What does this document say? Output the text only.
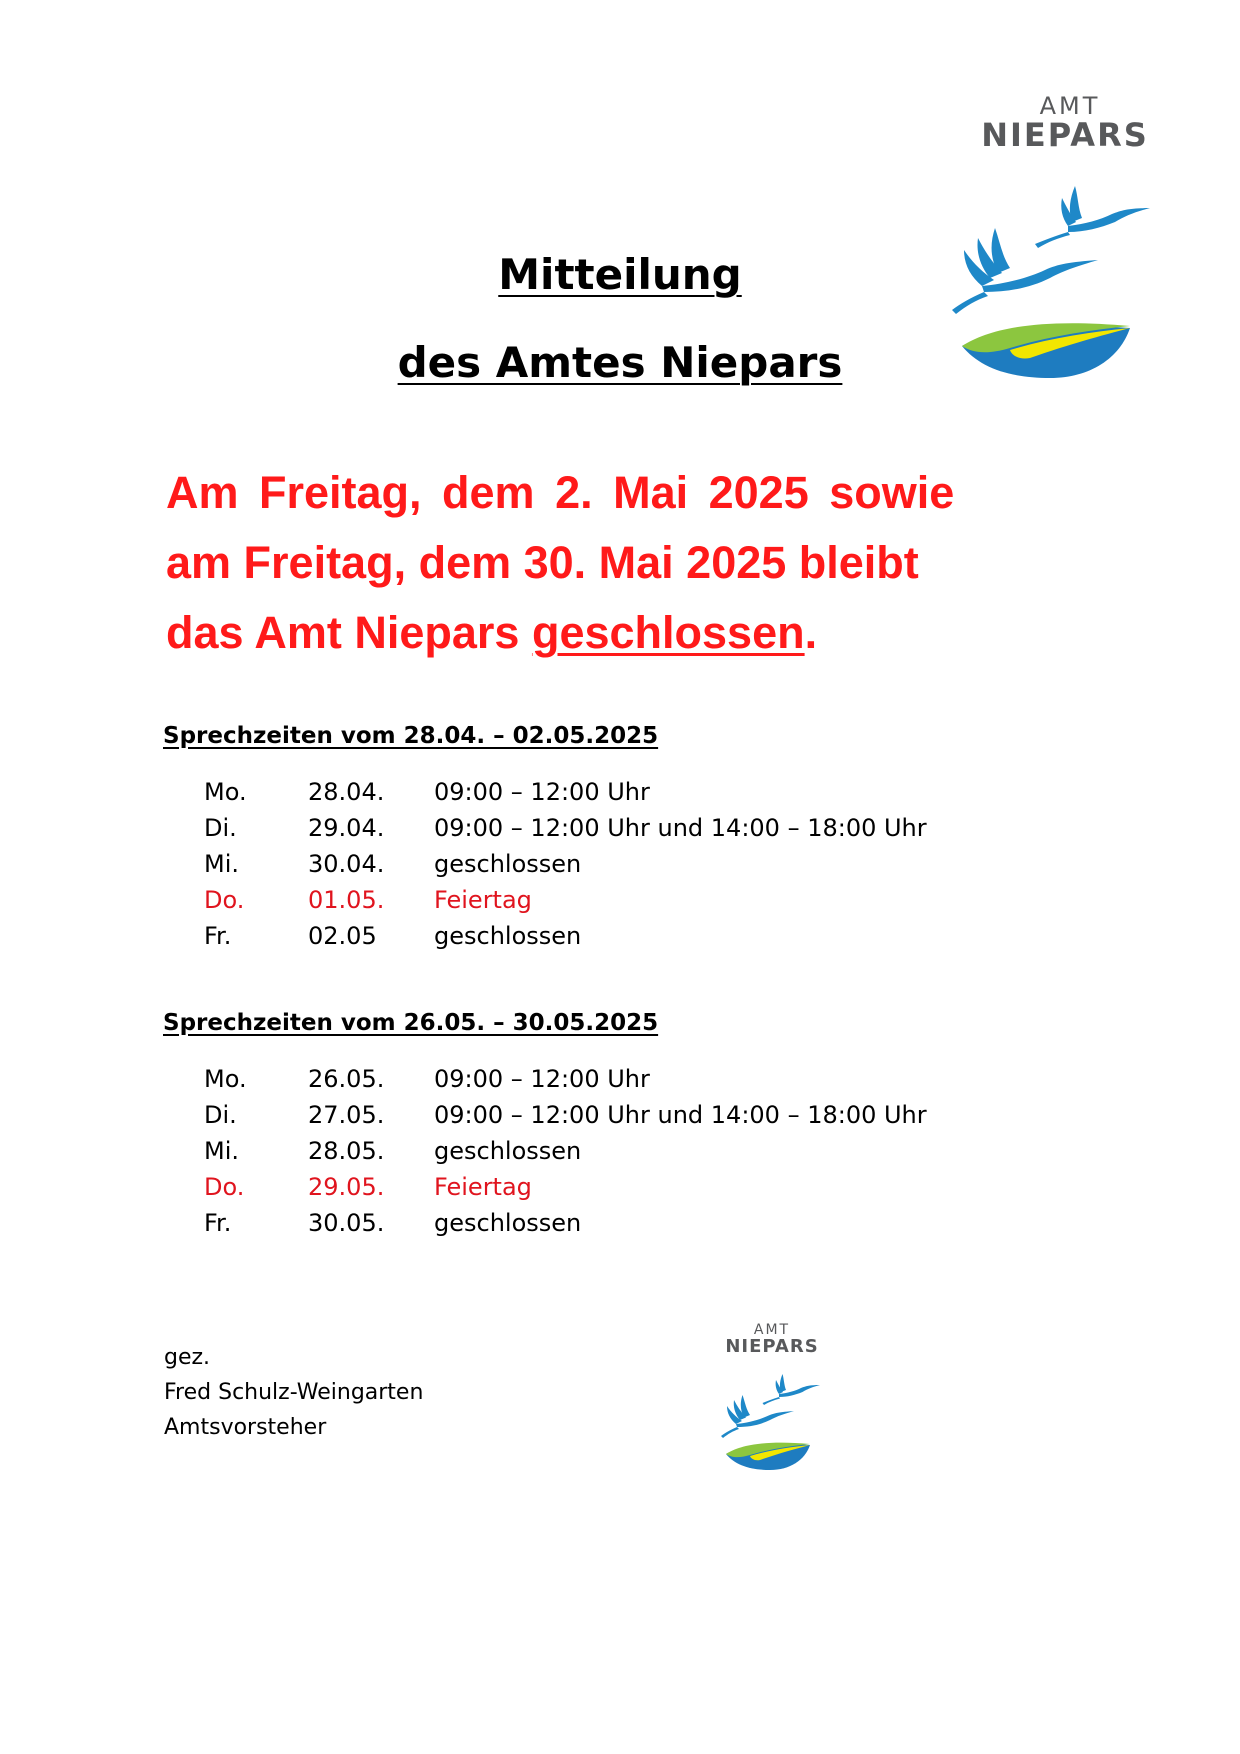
AMT
NIEPARS
Mitteilung
des Amtes Niepars
Am Freitag, dem 2. Mai 2025 sowie
am Freitag, dem 30. Mai 2025 bleibt
das Amt Niepars geschlossen.
Sprechzeiten vom 28.04. – 02.05.2025
Mo.	28.04. 09:00 – 12:00 Uhr
Di.	29.04. 09:00 – 12:00 Uhr und 14:00 – 18:00 Uhr
Mi.	30.04. geschlossen
Do.	01.05. Feiertag
Fr.	02.05 geschlossen
Sprechzeiten vom 26.05. – 30.05.2025
Mo.	26.05. 09:00 – 12:00 Uhr
Di.	27.05. 09:00 – 12:00 Uhr und 14:00 – 18:00 Uhr
Mi.	28.05. geschlossen
Do.	29.05. Feiertag
Fr.	30.05. geschlossen
gez.
Fred Schulz-Weingarten
Amtsvorsteher
AMT
NIEPARS
